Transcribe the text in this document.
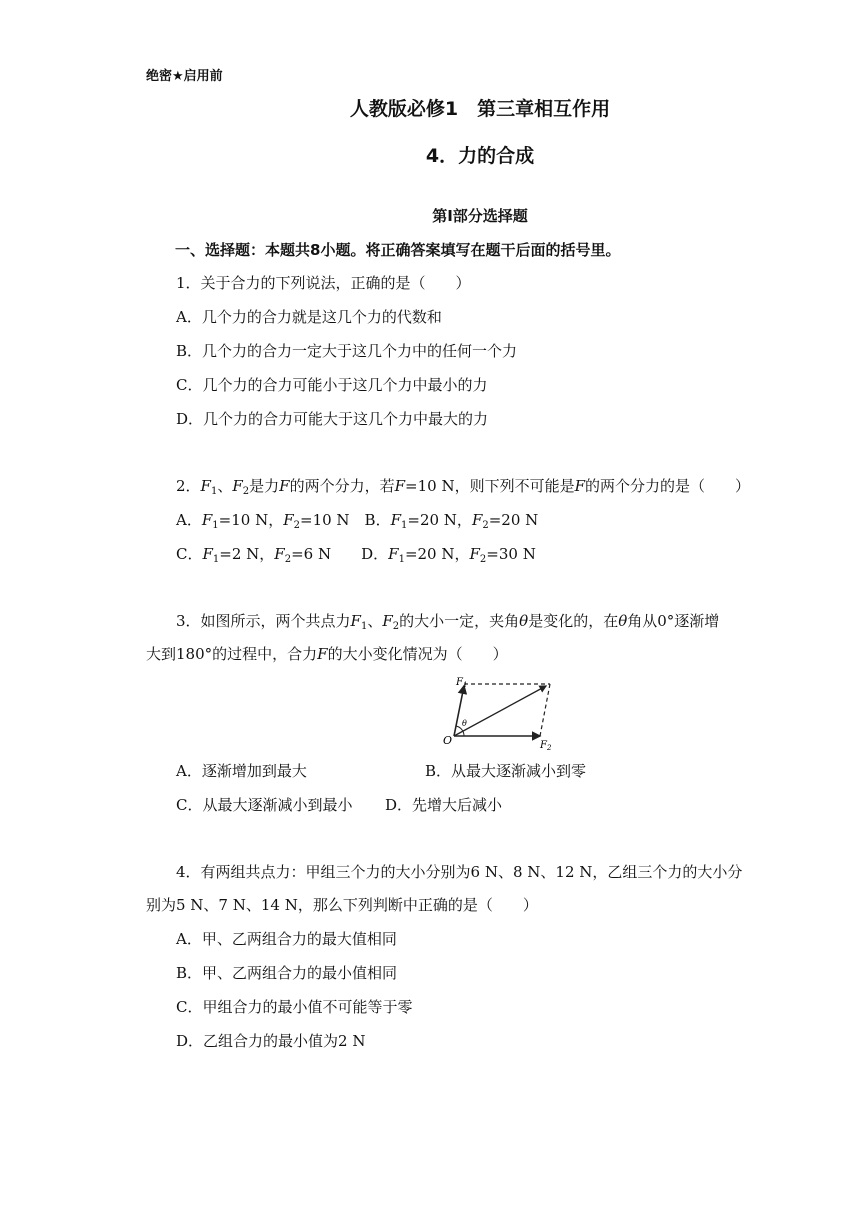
绝密★启用前
人教版必修1　第三章相互作用
4．力的合成
第Ⅰ部分选择题
一、选择题：本题共8小题。将正确答案填写在题干后面的括号里。
1．关于合力的下列说法，正确的是（　　）
A．几个力的合力就是这几个力的代数和
B．几个力的合力一定大于这几个力中的任何一个力
C．几个力的合力可能小于这几个力中最小的力
D．几个力的合力可能大于这几个力中最大的力
2．$F_1$、$F_2$是力F的两个分力，若F=10 N，则下列不可能是F的两个分力的是（　　）
A．$F_1=10$ N，$F_2=10$ N　B．$F_1=20$ N，$F_2=20$ N
C．$F_1=2$ N，$F_2=6$ N　　D．$F_1=20$ N，$F_2=30$ N
3．如图所示，两个共点力$F_1$、$F_2$的大小一定，夹角θ是变化的，在θ角从0°逐渐增
大到180°的过程中，合力F的大小变化情况为（　　）
$F_1$
$F_2$
O
θ
A．逐渐增加到最大	B．从最大逐渐减小到零
C．从最大逐渐减小到最小 D．先增大后减小
4．有两组共点力：甲组三个力的大小分别为6 N、8 N、12 N，乙组三个力的大小分
别为5 N、7 N、14 N，那么下列判断中正确的是（　　）
A．甲、乙两组合力的最大值相同
B．甲、乙两组合力的最小值相同
C．甲组合力的最小值不可能等于零
D．乙组合力的最小值为2 N
